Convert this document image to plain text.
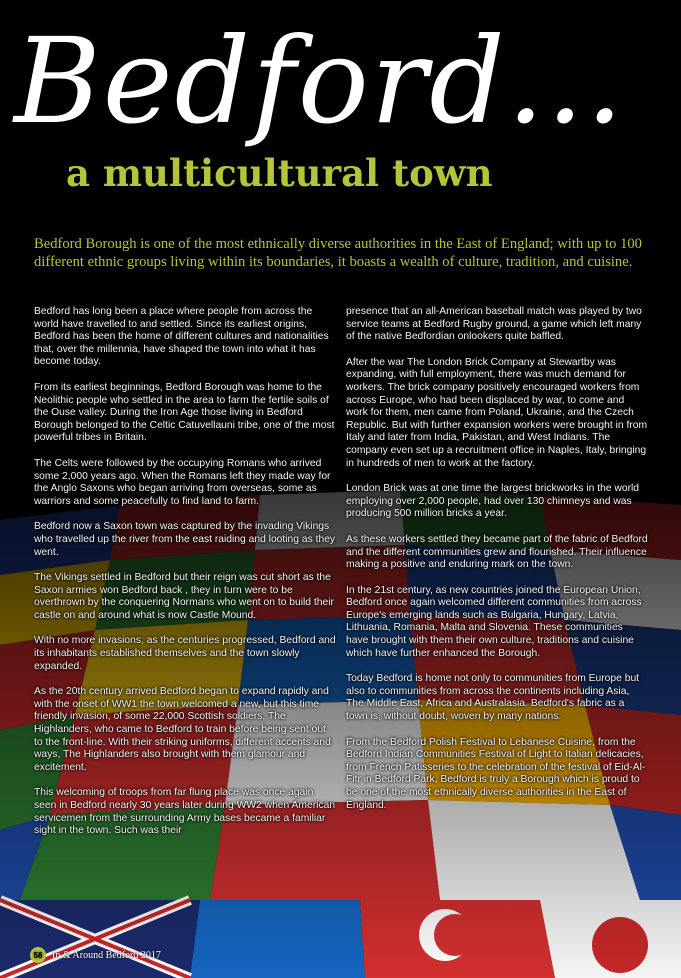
Bedford...
a multicultural town

Bedford Borough is one of the most ethnically diverse authorities in the East of England; with up to 100 different ethnic groups living within its boundaries, it boasts a wealth of culture, tradition, and cuisine.

Bedford has long been a place where people from across the world have travelled to and settled. Since its earliest origins, Bedford has been the home of different cultures and nationalities that, over the millennia, have shaped the town into what it has become today.

From its earliest beginnings, Bedford Borough was home to the Neolithic people who settled in the area to farm the fertile soils of the Ouse valley. During the Iron Age those living in Bedford Borough belonged to the Celtic Catuvellauni tribe, one of the most powerful tribes in Britain.

The Celts were followed by the occupying Romans who arrived some 2,000 years ago. When the Romans left they made way for the Anglo Saxons who began arriving from overseas, some as warriors and some peacefully to find land to farm.

Bedford now a Saxon town was captured by the invading Vikings who travelled up the river from the east raiding and looting as they went.

The Vikings settled in Bedford but their reign was cut short as the Saxon armies won Bedford back , they in turn were to be overthrown by the conquering Normans who went on to build their castle on and around what is now Castle Mound.

With no more invasions, as the centuries progressed, Bedford and its inhabitants established themselves and the town slowly expanded.

As the 20th century arrived Bedford began to expand rapidly and with the onset of WW1 the town welcomed a new, but this time friendly invasion, of some 22,000 Scottish soldiers, The Highlanders, who came to Bedford to train before being sent out to the front-line. With their striking uniforms, different accents and ways, The Highlanders also brought with them glamour and excitement.

This welcoming of troops from far flung place was once again seen in Bedford nearly 30 years later during WW2 when American servicemen from the surrounding Army bases became a familiar sight in the town. Such was their

presence that an all-American baseball match was played by two service teams at Bedford Rugby ground, a game which left many of the native Bedfordian onlookers quite baffled.

After the war The London Brick Company at Stewartby was expanding, with full employment, there was much demand for workers. The brick company positively encouraged workers from across Europe, who had been displaced by war, to come and work for them, men came from Poland, Ukraine, and the Czech Republic. But with further expansion workers were brought in from Italy and later from India, Pakistan, and West Indians. The company even set up a recruitment office in Naples, Italy, bringing in hundreds of men to work at the factory.

London Brick was at one time the largest brickworks in the world employing over 2,000 people, had over 130 chimneys and was producing 500 million bricks a year.

As these workers settled they became part of the fabric of Bedford and the different communities grew and flourished. Their influence making a positive and enduring mark on the town.

In the 21st century, as new countries joined the European Union, Bedford once again welcomed different communities from across Europe's emerging lands such as Bulgaria, Hungary, Latvia, Lithuania, Romania, Malta and Slovenia. These communities have brought with them their own culture, traditions and cuisine which have further enhanced the Borough.

Today Bedford is home not only to communities from Europe but also to communities from across the continents including Asia, The Middle East, Africa and Australasia. Bedford's fabric as a town is, without doubt, woven by many nations.

From the Bedford Polish Festival to Lebanese Cuisine, from the Bedford Indian Communities Festival of Light to Italian delicacies, from French Patisseries to the celebration of the festival of Eid-Al-Fitr in Bedford Park, Bedford is truly a Borough which is proud to be one of the most ethnically diverse authorities in the East of England.

58 In & Around Bedford 2017
